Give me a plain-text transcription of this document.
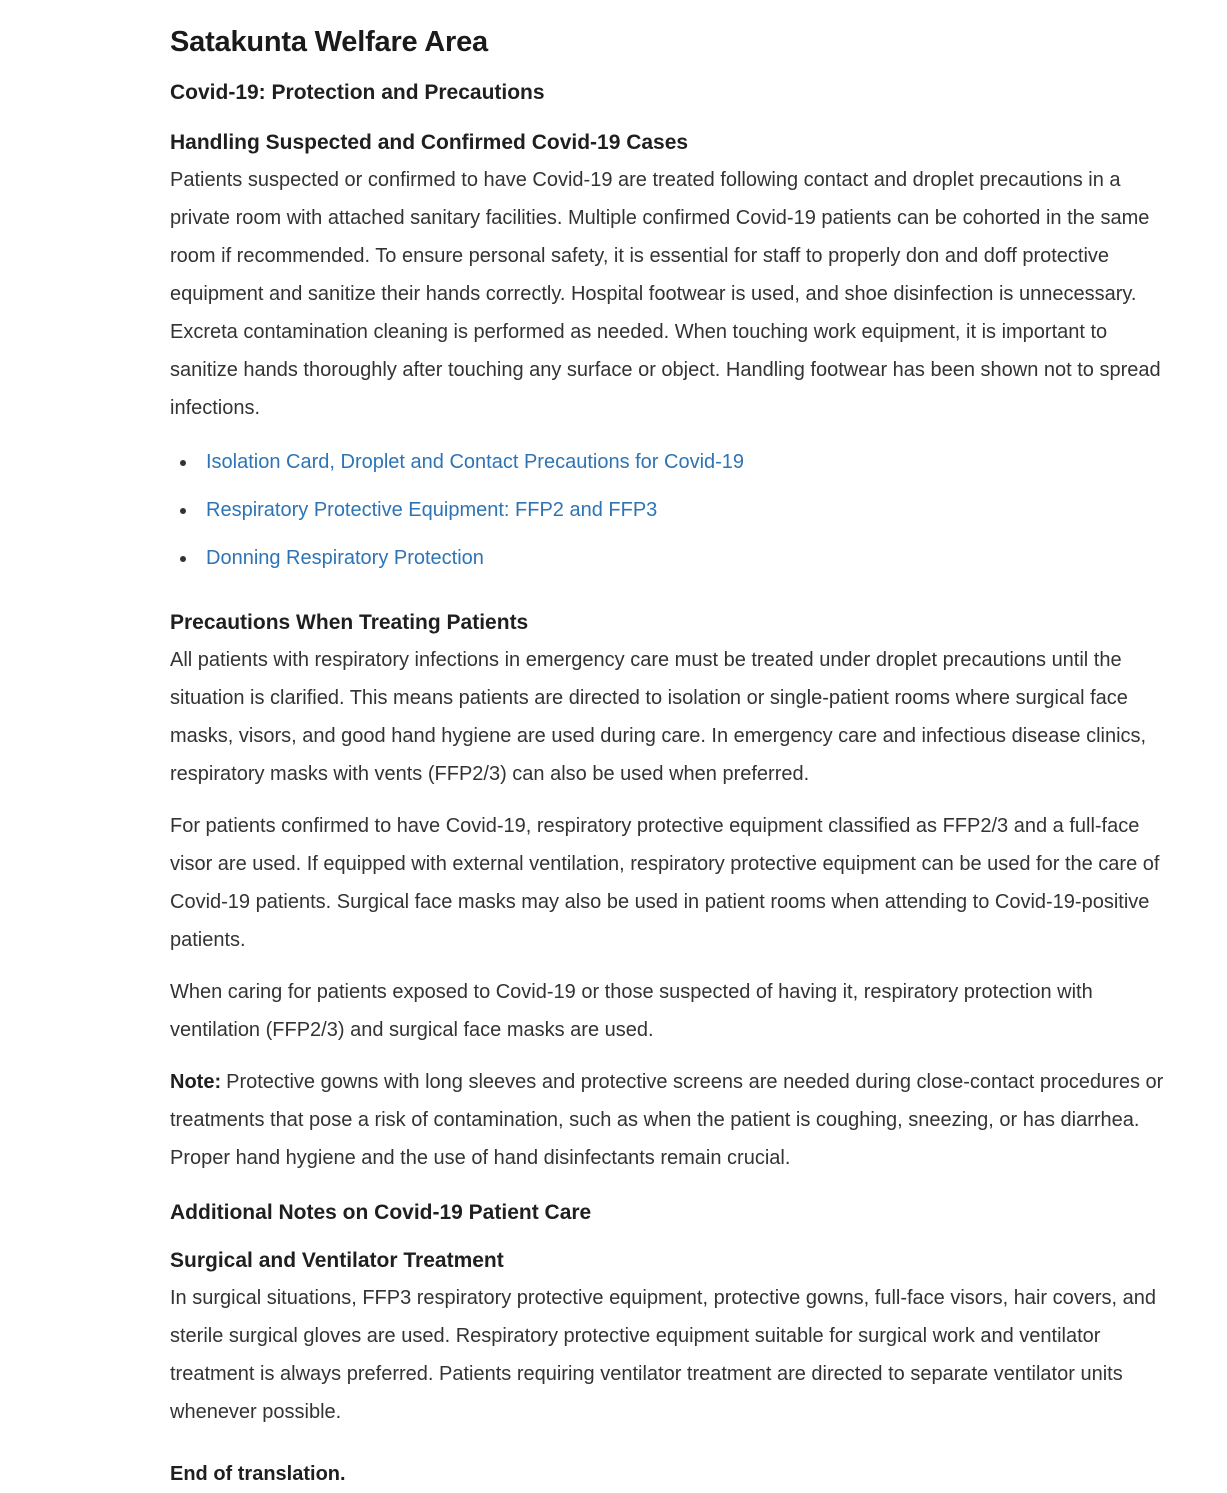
Satakunta Welfare Area
Covid-19: Protection and Precautions
Handling Suspected and Confirmed Covid-19 Cases

Patients suspected or confirmed to have Covid-19 are treated following contact and droplet precautions in a private room with attached sanitary facilities. Multiple confirmed Covid-19 patients can be cohorted in the same room if recommended. To ensure personal safety, it is essential for staff to properly don and doff protective equipment and sanitize their hands correctly. Hospital footwear is used, and shoe disinfection is unnecessary. Excreta contamination cleaning is performed as needed. When touching work equipment, it is important to sanitize hands thoroughly after touching any surface or object. Handling footwear has been shown not to spread infections.

• Isolation Card, Droplet and Contact Precautions for Covid-19
• Respiratory Protective Equipment: FFP2 and FFP3
• Donning Respiratory Protection
Precautions When Treating Patients

All patients with respiratory infections in emergency care must be treated under droplet precautions until the situation is clarified. This means patients are directed to isolation or single-patient rooms where surgical face masks, visors, and good hand hygiene are used during care. In emergency care and infectious disease clinics, respiratory masks with vents (FFP2/3) can also be used when preferred.

For patients confirmed to have Covid-19, respiratory protective equipment classified as FFP2/3 and a full-face visor are used. If equipped with external ventilation, respiratory protective equipment can be used for the care of Covid-19 patients. Surgical face masks may also be used in patient rooms when attending to Covid-19-positive patients.

When caring for patients exposed to Covid-19 or those suspected of having it, respiratory protection with ventilation (FFP2/3) and surgical face masks are used.

Note: Protective gowns with long sleeves and protective screens are needed during close-contact procedures or treatments that pose a risk of contamination, such as when the patient is coughing, sneezing, or has diarrhea. Proper hand hygiene and the use of hand disinfectants remain crucial.

Additional Notes on Covid-19 Patient Care
Surgical and Ventilator Treatment

In surgical situations, FFP3 respiratory protective equipment, protective gowns, full-face visors, hair covers, and sterile surgical gloves are used. Respiratory protective equipment suitable for surgical work and ventilator treatment is always preferred. Patients requiring ventilator treatment are directed to separate ventilator units whenever possible.

End of translation.
